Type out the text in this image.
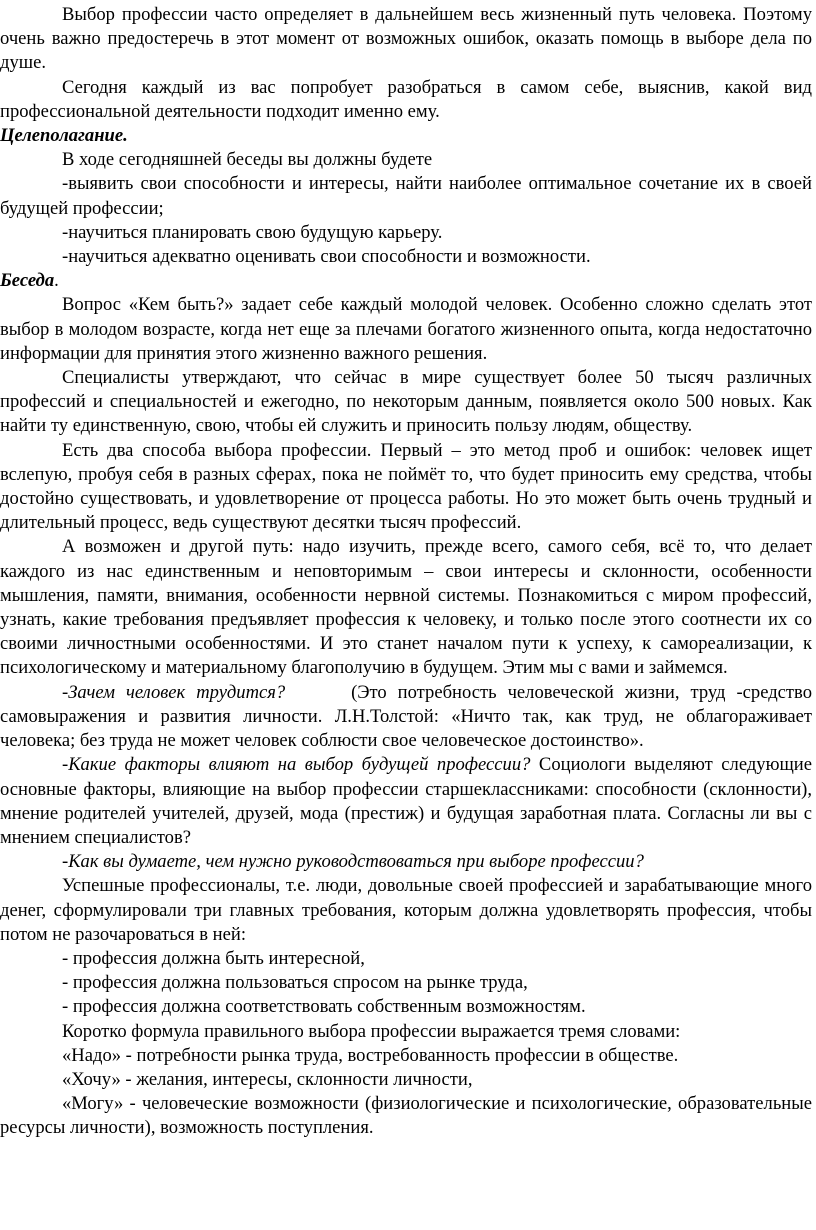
Выбор профессии часто определяет в дальнейшем весь жизненный путь человека. Поэтому очень важно предостеречь в этот момент от возможных ошибок, оказать помощь в выборе дела по душе.

Сегодня каждый из вас попробует разобраться в самом себе, выяснив, какой вид профессиональной деятельности подходит именно ему.

Целеполагание.

В ходе сегодняшней беседы вы должны будете

-выявить свои способности и интересы, найти наиболее оптимальное сочетание их в своей будущей профессии;

-научиться планировать свою будущую карьеру.

-научиться адекватно оценивать свои способности и возможности.

Беседа.

Вопрос «Кем быть?» задает себе каждый молодой человек. Особенно сложно сделать этот выбор в молодом возрасте, когда нет еще за плечами богатого жизненного опыта, когда недостаточно информации для принятия этого жизненно важного решения.

Специалисты утверждают, что сейчас в мире существует более 50 тысяч различных профессий и специальностей и ежегодно, по некоторым данным, появляется около 500 новых. Как найти ту единственную, свою, чтобы ей служить и приносить пользу людям, обществу.

Есть два способа выбора профессии. Первый – это метод проб и ошибок: человек ищет вслепую, пробуя себя в разных сферах, пока не поймёт то, что будет приносить ему средства, чтобы достойно существовать, и удовлетворение от процесса работы. Но это может быть очень трудный и длительный процесс, ведь существуют десятки тысяч профессий.

А возможен и другой путь: надо изучить, прежде всего, самого себя, всё то, что делает каждого из нас единственным и неповторимым – свои интересы и склонности, особенности мышления, памяти, внимания, особенности нервной системы. Познакомиться с миром профессий, узнать, какие требования предъявляет профессия к человеку, и только после этого соотнести их со своими личностными особенностями. И это станет началом пути к успеху, к самореализации, к психологическому и материальному благополучию в будущем. Этим мы с вами и займемся.

-Зачем человек трудится?	(Это потребность человеческой жизни, труд -средство самовыражения и развития личности. Л.Н.Толстой: «Ничто так, как труд, не облагораживает человека; без труда не может человек соблюсти свое человеческое достоинство».

-Какие факторы влияют на выбор будущей профессии? Социологи выделяют следующие основные факторы, влияющие на выбор профессии старшеклассниками: способности (склонности), мнение родителей учителей, друзей, мода (престиж) и будущая заработная плата. Согласны ли вы с мнением специалистов?

-Как вы думаете, чем нужно руководствоваться при выборе профессии?

Успешные профессионалы, т.е. люди, довольные своей профессией и зарабатывающие много денег, сформулировали три главных требования, которым должна удовлетворять профессия, чтобы потом не разочароваться в ней:

- профессия должна быть интересной,

- профессия должна пользоваться спросом на рынке труда,

- профессия должна соответствовать собственным возможностям.

Коротко формула правильного выбора профессии выражается тремя словами:

«Надо» - потребности рынка труда, востребованность профессии в обществе.

«Хочу» - желания, интересы, склонности личности,

«Могу» - человеческие возможности (физиологические и психологические, образовательные ресурсы личности), возможность поступления.
